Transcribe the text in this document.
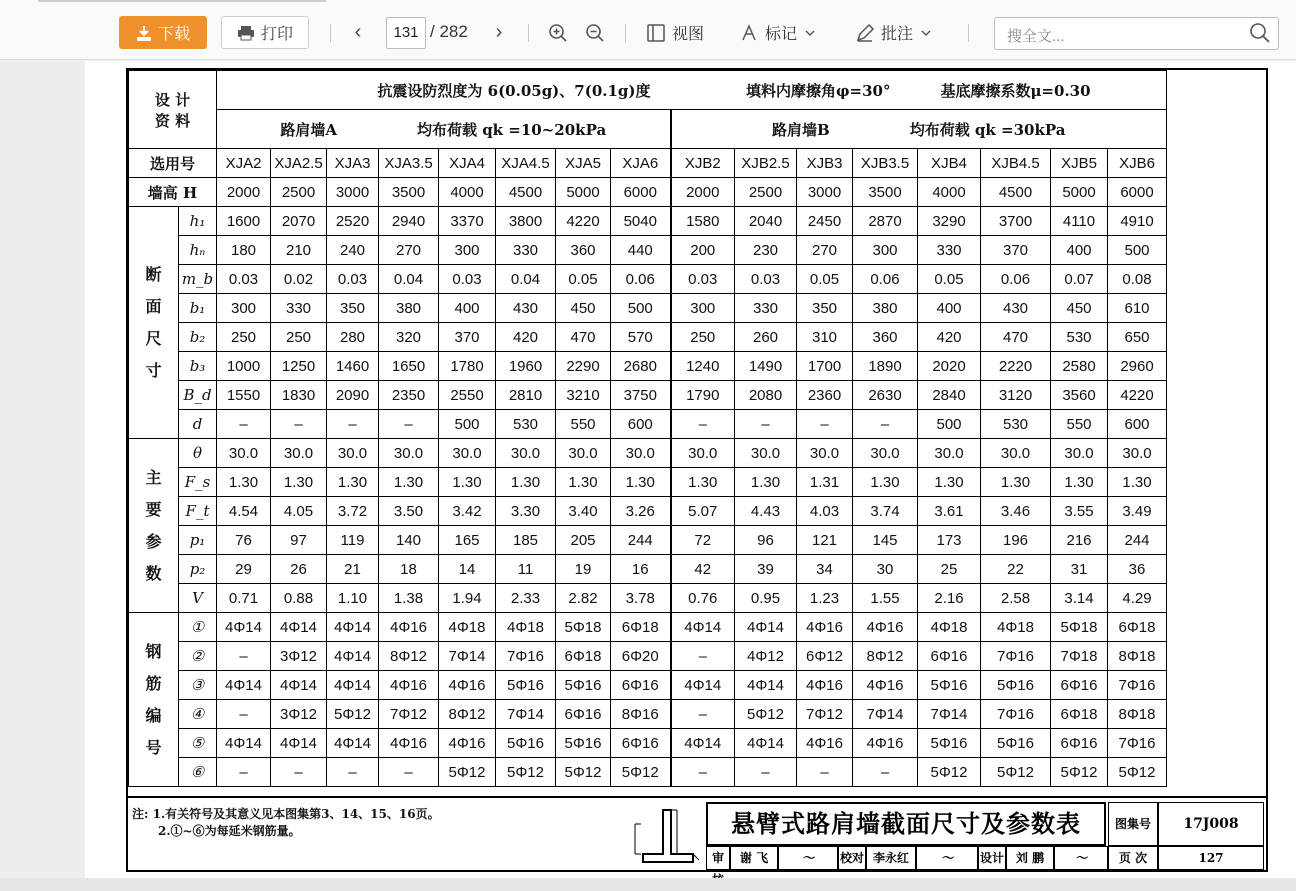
下载	打印	‹	131 / 282 ›	视图	标记	批注	搜全文...
设 计
资 料		抗震设防烈度为 6(0.05g)、7(0.1g)度								填料内摩擦角φ=30° 基底摩擦系数μ=0.30							
		路肩墙A 均布荷载 qk =10~20kPa								路肩墙B 均布荷载 qk =30kPa							
选用号		XJA2	XJA2.5	XJA3	XJA3.5	XJA4	XJA4.5	XJA5	XJA6	XJB2	XJB2.5	XJB3	XJB3.5	XJB4	XJB4.5	XJB5	XJB6
墙高 H		2000	2500	3000	3500	4000	4500	5000	6000	2000	2500	3000	3500	4000	4500	5000	6000

断面尺寸	h₁	1600	2070	2520	2940	3370	3800	4220	5040	1580	2040	2450	2870	3290	3700	4110	4910
	hₙ	180	210	240	270	300	330	360	440	200	230	270	300	330	370	400	500
	m_b	0.03	0.02	0.03	0.04	0.03	0.04	0.05	0.06	0.03	0.03	0.05	0.06	0.05	0.06	0.07	0.08
	b₁	300	330	350	380	400	430	450	500	300	330	350	380	400	430	450	610
	b₂	250	250	280	320	370	420	470	570	250	260	310	360	420	470	530	650
	b₃	1000	1250	1460	1650	1780	1960	2290	2680	1240	1490	1700	1890	2020	2220	2580	2960
	B_d	1550	1830	2090	2350	2550	2810	3210	3750	1790	2080	2360	2630	2840	3120	3560	4220
	d	–	–	–	–	500	530	550	600	–	–	–	–	500	530	550	600

主要参数	θ	30.0	30.0	30.0	30.0	30.0	30.0	30.0	30.0	30.0	30.0	30.0	30.0	30.0	30.0	30.0	30.0
	F_s	1.30	1.30	1.30	1.30	1.30	1.30	1.30	1.30	1.30	1.30	1.31	1.30	1.30	1.30	1.30	1.30
	F_t	4.54	4.05	3.72	3.50	3.42	3.30	3.40	3.26	5.07	4.43	4.03	3.74	3.61	3.46	3.55	3.49
	p₁	76	97	119	140	165	185	205	244	72	96	121	145	173	196	216	244
	p₂	29	26	21	18	14	11	19	16	42	39	34	30	25	22	31	36
	V	0.71	0.88	1.10	1.38	1.94	2.33	2.82	3.78	0.76	0.95	1.23	1.55	2.16	2.58	3.14	4.29

钢筋编号	①	4Φ14	4Φ14	4Φ14	4Φ16	4Φ18	4Φ18	5Φ18	6Φ18	4Φ14	4Φ14	4Φ16	4Φ16	4Φ18	4Φ18	5Φ18	6Φ18
	②	–	3Φ12	4Φ14	8Φ12	7Φ14	7Φ16	6Φ18	6Φ20	–	4Φ12	6Φ12	8Φ12	6Φ16	7Φ16	7Φ18	8Φ18
	③	4Φ14	4Φ14	4Φ14	4Φ16	4Φ16	5Φ16	5Φ16	6Φ16	4Φ14	4Φ14	4Φ16	4Φ16	5Φ16	5Φ16	6Φ16	7Φ16
	④	–	3Φ12	5Φ12	7Φ12	8Φ12	7Φ14	6Φ16	8Φ16	–	5Φ12	7Φ12	7Φ14	7Φ14	7Φ16	6Φ18	8Φ18
	⑤	4Φ14	4Φ14	4Φ14	4Φ16	4Φ16	5Φ16	5Φ16	6Φ16	4Φ14	4Φ14	4Φ16	4Φ16	5Φ16	5Φ16	6Φ16	7Φ16
	⑥	–	–	–	–	5Φ12	5Φ12	5Φ12	5Φ12	–	–	–	–	5Φ12	5Φ12	5Φ12	5Φ12
注: 1.有关符号及其意义见本图集第3、14、15、16页。
2.①~⑥为每延米钢筋量。	悬臂式路肩墙截面尺寸及参数表	图集号	17J008
审	谢 飞	〜	校对 李永红	〜	设计 刘 鹏	〜	页 次	127
